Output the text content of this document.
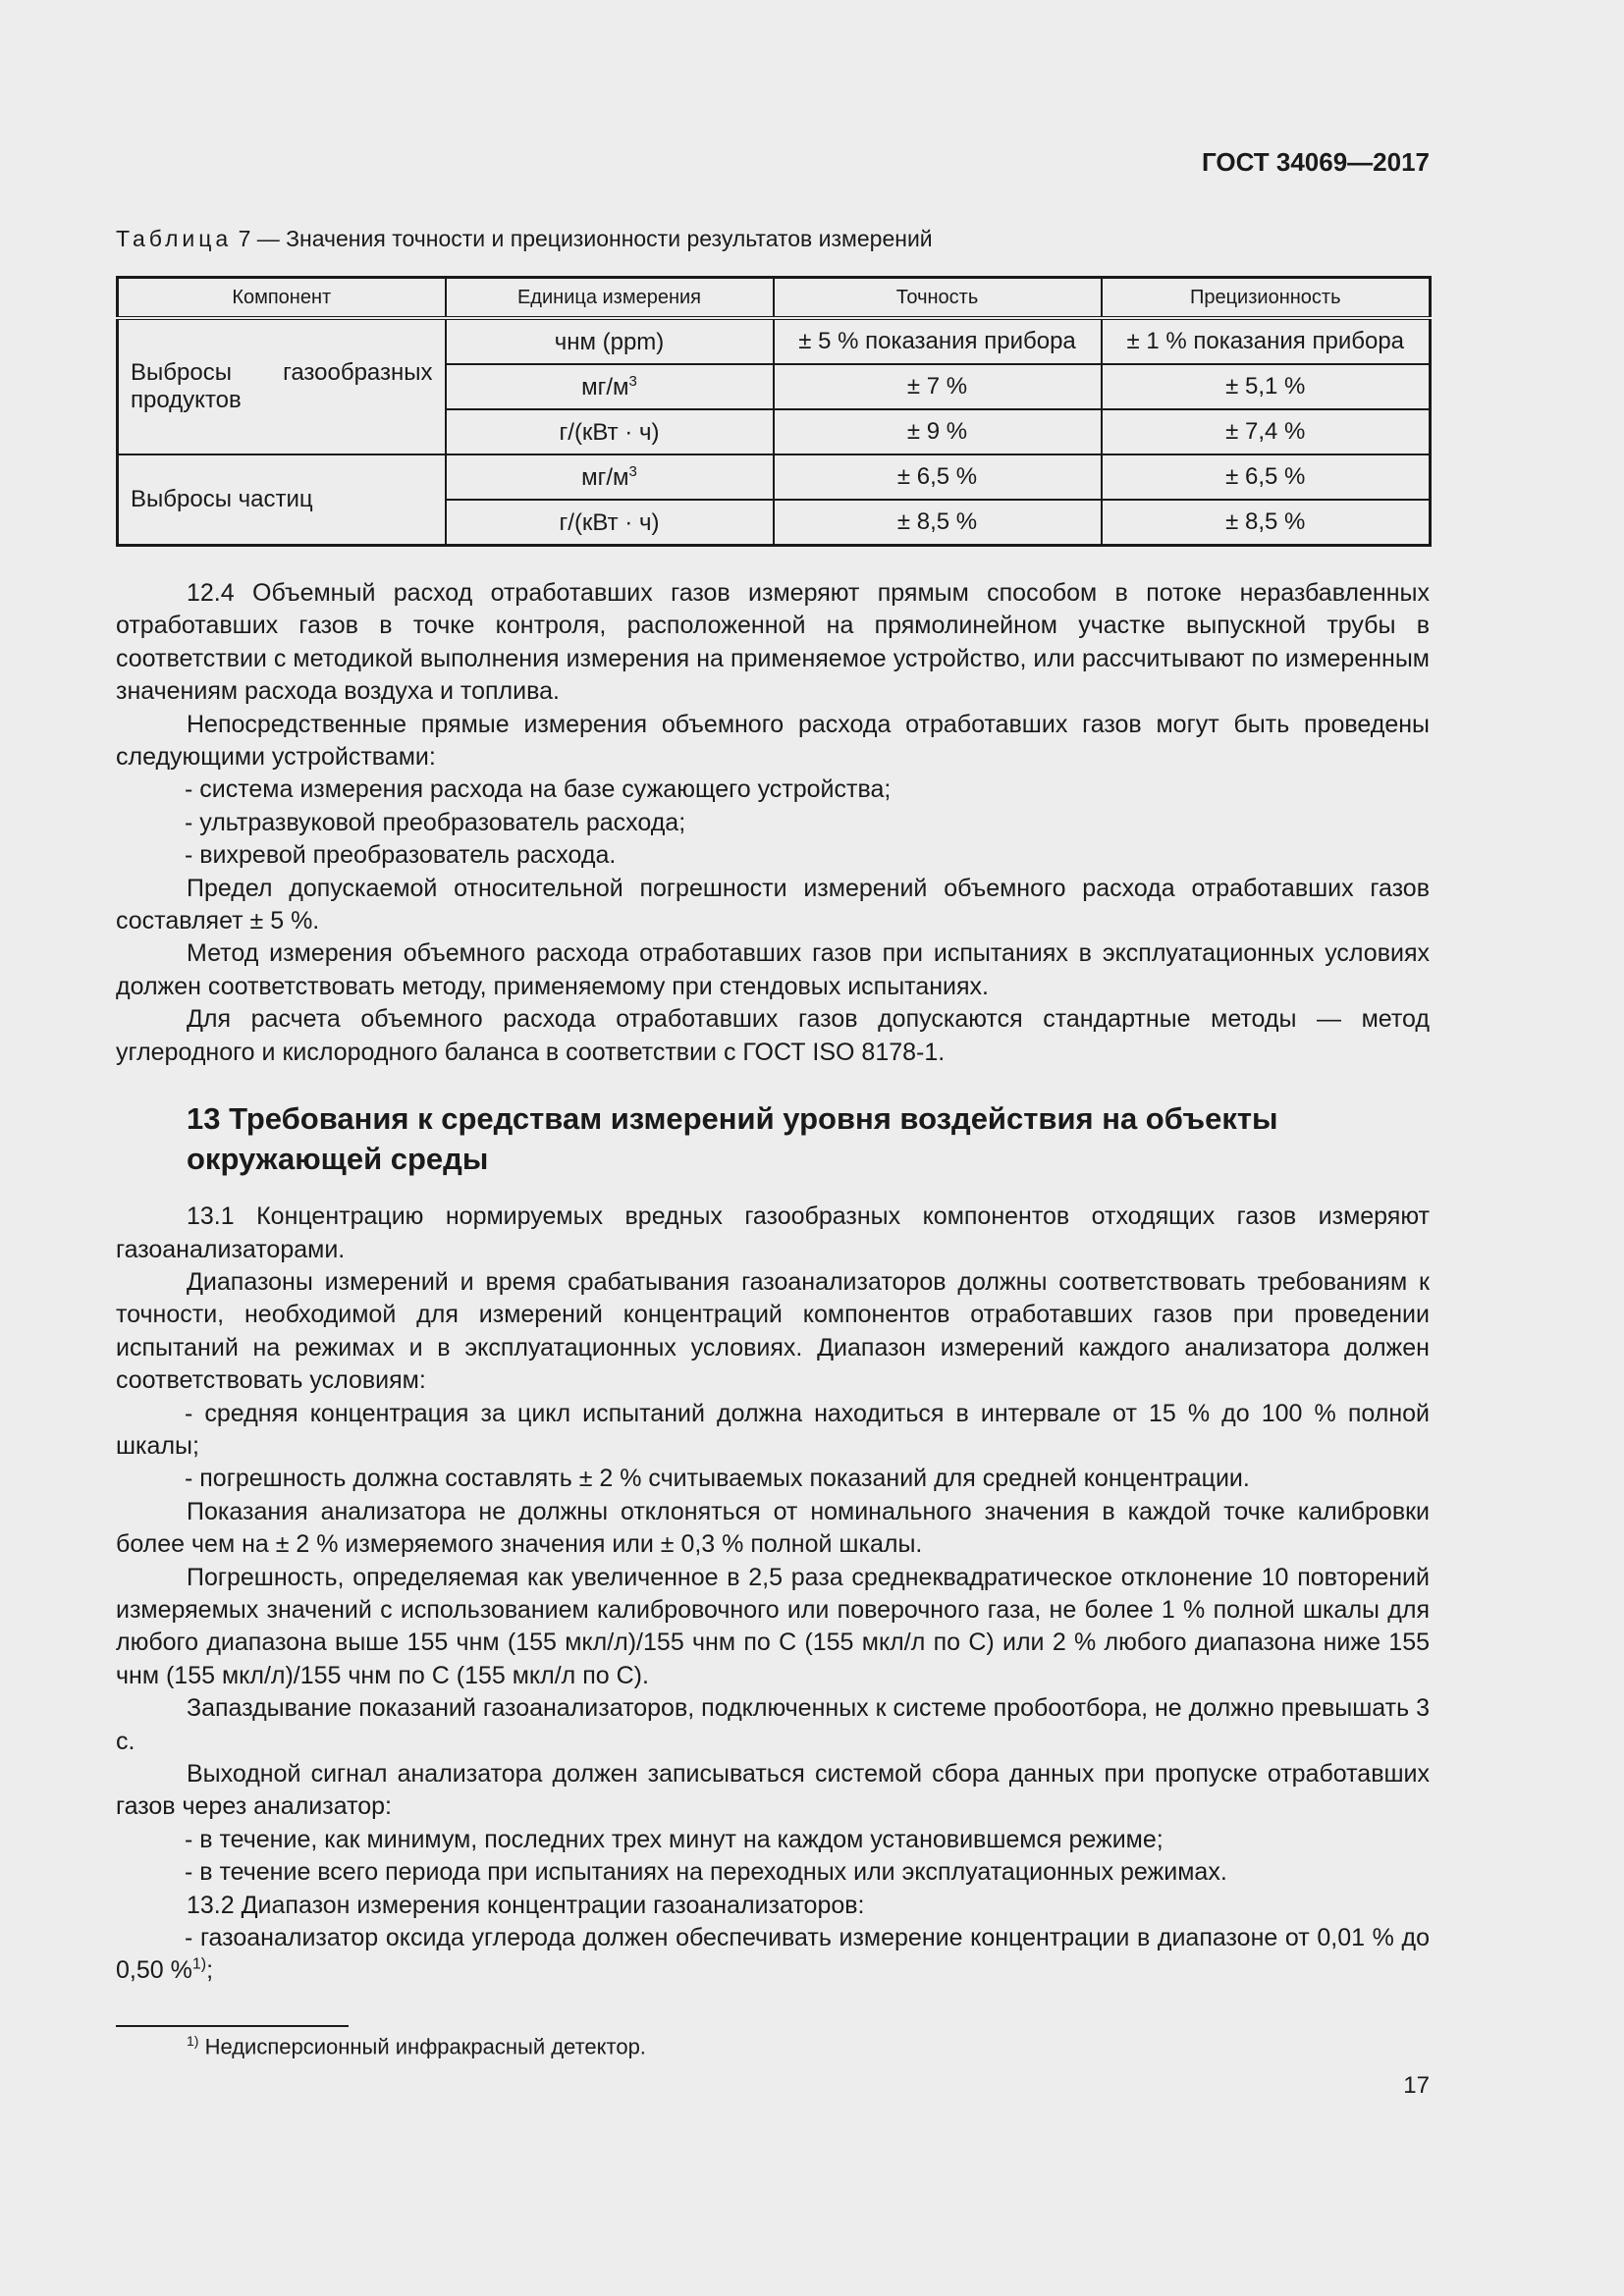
ГОСТ 34069—2017
Таблица 7 — Значения точности и прецизионности результатов измерений
Компонент	Единица измерения	Точность	Прецизионность
Выбросы газообразных продуктов	чнм (ppm)	± 5 % показания прибора	± 1 % показания прибора
	$мг/м^3$	± 7 %	± 5,1 %
	г/(кВт · ч)	± 9 %	± 7,4 %
Выбросы частиц	$мг/м^3$	± 6,5 %	± 6,5 %
	г/(кВт · ч)	± 8,5 %	± 8,5 %

12.4 Объемный расход отработавших газов измеряют прямым способом в потоке неразбавленных отработавших газов в точке контроля, расположенной на прямолинейном участке выпускной трубы в соответствии с методикой выполнения измерения на применяемое устройство, или рассчитывают по измеренным значениям расхода воздуха и топлива.

Непосредственные прямые измерения объемного расхода отработавших газов могут быть проведены следующими устройствами:

- система измерения расхода на базе сужающего устройства;

- ультразвуковой преобразователь расхода;

- вихревой преобразователь расхода.

Предел допускаемой относительной погрешности измерений объемного расхода отработавших газов составляет ± 5 %.

Метод измерения объемного расхода отработавших газов при испытаниях в эксплуатационных условиях должен соответствовать методу, применяемому при стендовых испытаниях.

Для расчета объемного расхода отработавших газов допускаются стандартные методы — метод углеродного и кислородного баланса в соответствии с ГОСТ ISO 8178-1.

13 Требования к средствам измерений уровня воздействия на объекты окружающей среды

13.1 Концентрацию нормируемых вредных газообразных компонентов отходящих газов измеряют газоанализаторами.

Диапазоны измерений и время срабатывания газоанализаторов должны соответствовать требованиям к точности, необходимой для измерений концентраций компонентов отработавших газов при проведении испытаний на режимах и в эксплуатационных условиях. Диапазон измерений каждого анализатора должен соответствовать условиям:

- средняя концентрация за цикл испытаний должна находиться в интервале от 15 % до 100 % полной шкалы;

- погрешность должна составлять ± 2 % считываемых показаний для средней концентрации.

Показания анализатора не должны отклоняться от номинального значения в каждой точке калибровки более чем на ± 2 % измеряемого значения или ± 0,3 % полной шкалы.

Погрешность, определяемая как увеличенное в 2,5 раза среднеквадратическое отклонение 10 повторений измеряемых значений с использованием калибровочного или поверочного газа, не более 1 % полной шкалы для любого диапазона выше 155 чнм (155 мкл/л)/155 чнм по С (155 мкл/л по С) или 2 % любого диапазона ниже 155 чнм (155 мкл/л)/155 чнм по С (155 мкл/л по С).

Запаздывание показаний газоанализаторов, подключенных к системе пробоотбора, не должно превышать 3 с.

Выходной сигнал анализатора должен записываться системой сбора данных при пропуске отработавших газов через анализатор:

- в течение, как минимум, последних трех минут на каждом установившемся режиме;

- в течение всего периода при испытаниях на переходных или эксплуатационных режимах.

13.2 Диапазон измерения концентрации газоанализаторов:

- газоанализатор оксида углерода должен обеспечивать измерение концентрации в диапазоне от 0,01 % до 0,50 %$^{1)}$;

$^{1)}$ Недисперсионный инфракрасный детектор.
17
